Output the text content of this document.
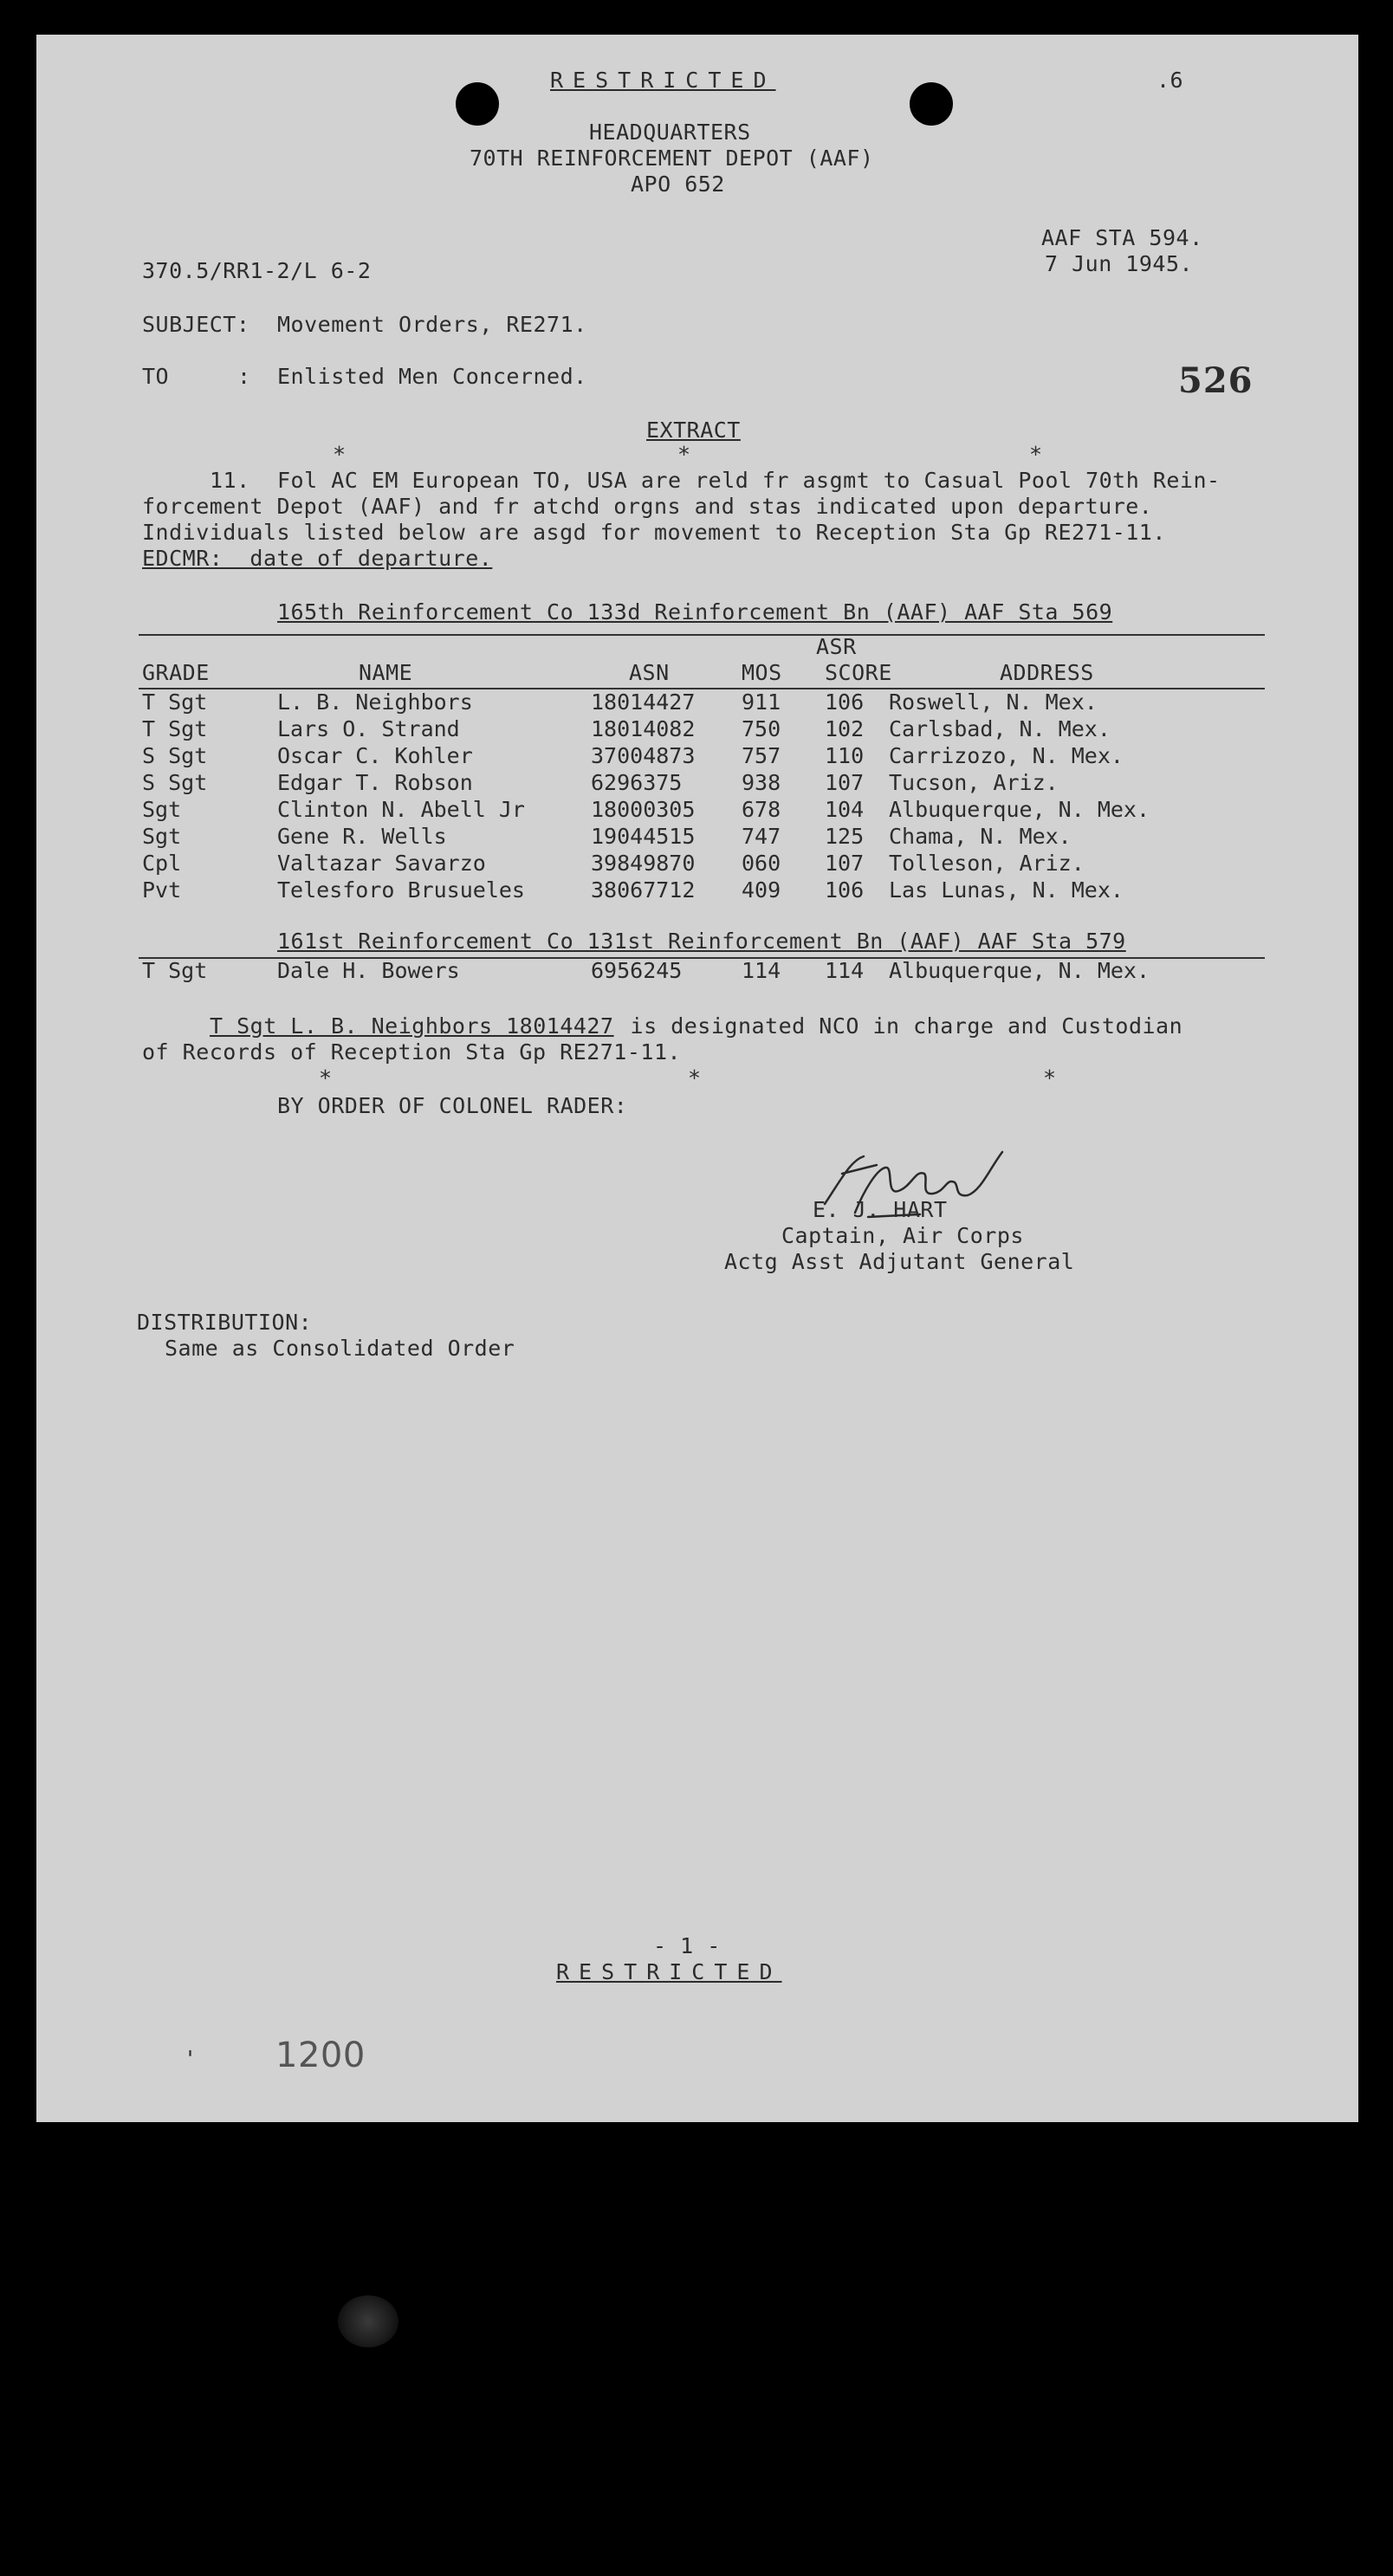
RESTRICTED	.6
HEADQUARTERS
70TH REINFORCEMENT DEPOT (AAF)
APO 652
AAF STA 594.
7 Jun 1945.
370.5/RR1-2/L 6-2
SUBJECT: Movement Orders, RE271.
TO	: Enlisted Men Concerned.	526
EXTRACT
*	*	*
11. Fol AC EM European TO, USA are reld fr asgmt to Casual Pool 70th Rein-
forcement Depot (AAF) and fr atchd orgns and stas indicated upon departure.
Individuals listed below are asgd for movement to Reception Sta Gp RE271-11.
EDCMR:  date of departure.
165th Reinforcement Co 133d Reinforcement Bn (AAF) AAF Sta 569
ASR
GRADE	NAME	ASN	MOS SCORE	ADDRESS
T Sgt	L. B. Neighbors	18014427 911 106 Roswell, N. Mex.
T Sgt	Lars O. Strand	18014082 750 102 Carlsbad, N. Mex.
S Sgt	Oscar C. Kohler	37004873 757 110 Carrizozo, N. Mex.
S Sgt	Edgar T. Robson	6296375	938 107 Tucson, Ariz.
Sgt	Clinton N. Abell Jr	18000305 678 104 Albuquerque, N. Mex.
Sgt	Gene R. Wells	19044515 747 125 Chama, N. Mex.
Cpl	Valtazar Savarzo	39849870 060 107 Tolleson, Ariz.
Pvt	Telesforo Brusueles	38067712 409 106 Las Lunas, N. Mex.
161st Reinforcement Co 131st Reinforcement Bn (AAF) AAF Sta 579
T Sgt	Dale H. Bowers	6956245	114 114 Albuquerque, N. Mex.
T Sgt L. B. Neighbors 18014427 is designated NCO in charge and Custodian
of Records of Reception Sta Gp RE271-11.
*	*	*
BY ORDER OF COLONEL RADER:
E. J. HART
Captain, Air Corps
Actg Asst Adjutant General
DISTRIBUTION:
Same as Consolidated Order
- 1 -
RESTRICTED
' 1200
